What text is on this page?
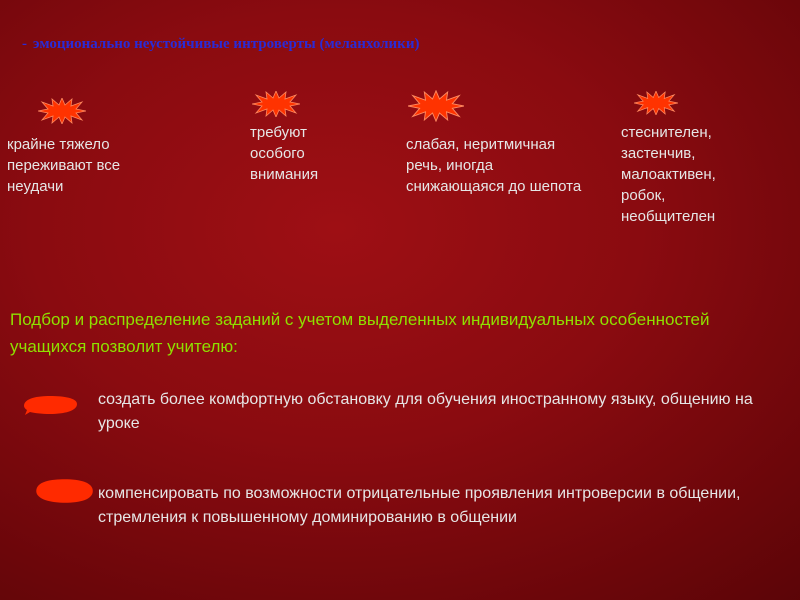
- эмоционально неустойчивые интроверты (меланхолики)
крайне тяжело
переживают все
неудачи
требуют
особого
внимания
слабая, неритмичная
речь, иногда
снижающаяся до шепота
стеснителен,
застенчив,
малоактивен,
робок,
необщителен
Подбор и распределение заданий с учетом выделенных индивидуальных особенностей учащихся позволит учителю:
создать более комфортную обстановку для обучения иностранному языку, общению на уроке
компенсировать по возможности отрицательные проявления интроверсии в общении, стремления к повышенному доминированию в общении
